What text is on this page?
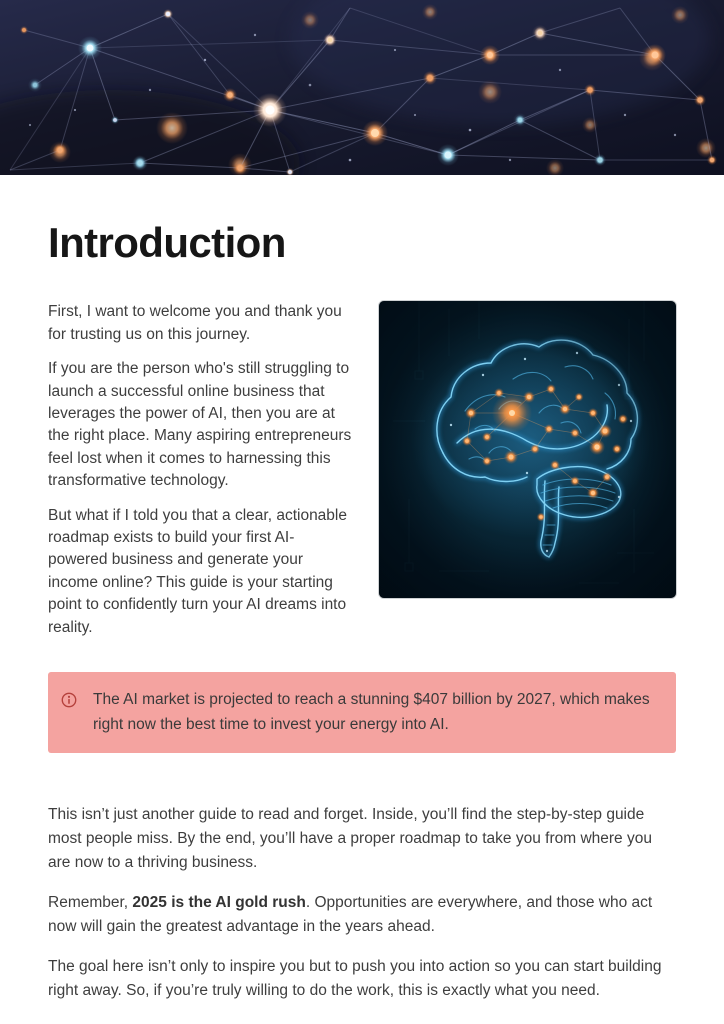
Introduction

First, I want to welcome you and thank you for trusting us on this journey.

If you are the person who's still struggling to launch a successful online business that leverages the power of AI, then you are at the right place. Many aspiring entrepreneurs feel lost when it comes to harnessing this transformative technology.

But what if I told you that a clear, actionable roadmap exists to build your first AI-powered business and generate your income online? This guide is your starting point to confidently turn your AI dreams into reality.

The AI market is projected to reach a stunning $407 billion by 2027, which makes right now the best time to invest your energy into AI.

This isn’t just another guide to read and forget. Inside, you’ll find the step-by-step guide most people miss. By the end, you’ll have a proper roadmap to take you from where you are now to a thriving business.

Remember, 2025 is the AI gold rush. Opportunities are everywhere, and those who act now will gain the greatest advantage in the years ahead.

The goal here isn’t only to inspire you but to push you into action so you can start building right away. So, if you’re truly willing to do the work, this is exactly what you need.
